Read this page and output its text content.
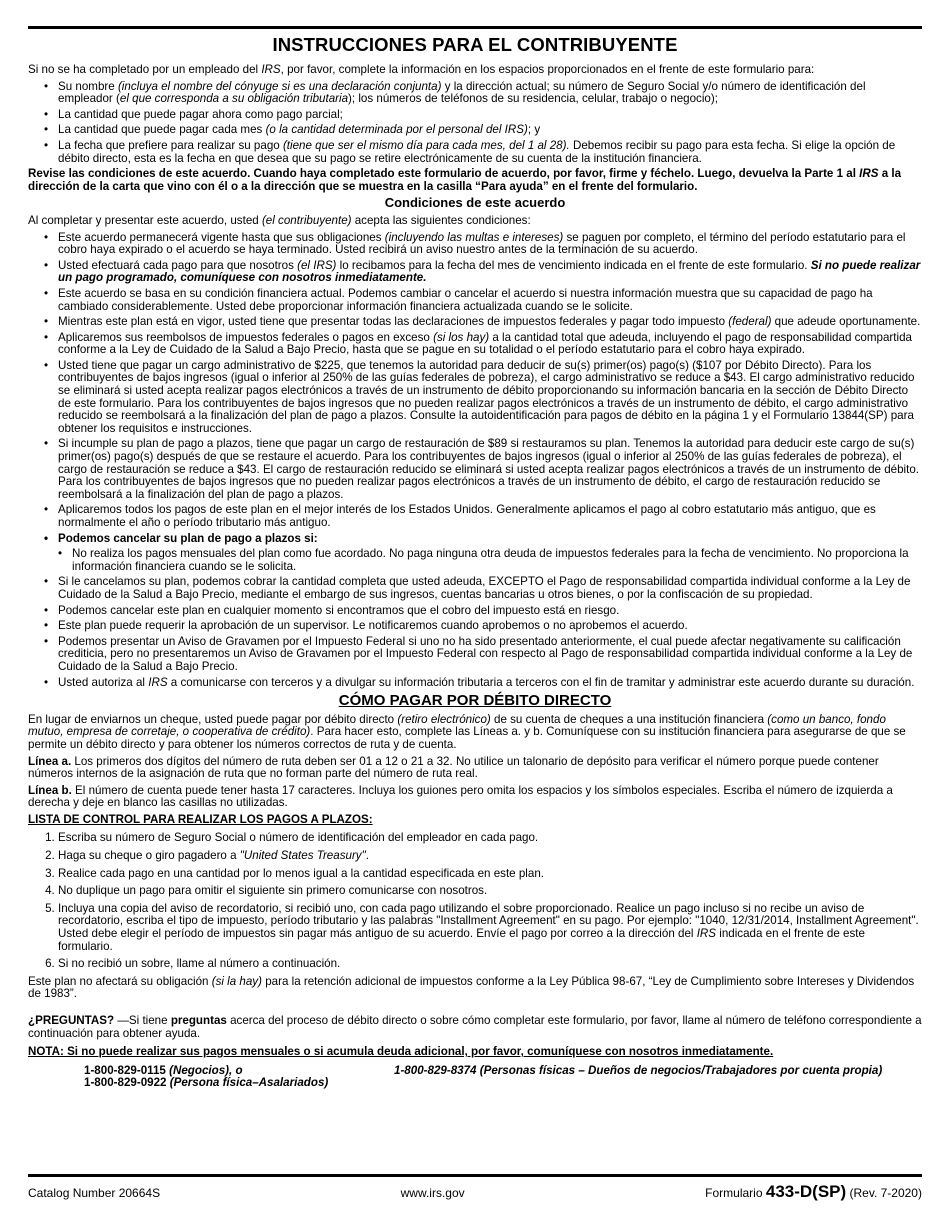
INSTRUCCIONES PARA EL CONTRIBUYENTE

Si no se ha completado por un empleado del IRS, por favor, complete la información en los espacios proporcionados en el frente de este formulario para:

• Su nombre (incluya el nombre del cónyuge si es una declaración conjunta) y la dirección actual; su número de Seguro Social y/o número de identificación del empleador (el que corresponda a su obligación tributaria); los números de teléfonos de su residencia, celular, trabajo o negocio);
• La cantidad que puede pagar ahora como pago parcial;
• La cantidad que puede pagar cada mes (o la cantidad determinada por el personal del IRS); y
• La fecha que prefiere para realizar su pago (tiene que ser el mismo día para cada mes, del 1 al 28). Debemos recibir su pago para esta fecha. Si elige la opción de débito directo, esta es la fecha en que desea que su pago se retire electrónicamente de su cuenta de la institución financiera.

Revise las condiciones de este acuerdo. Cuando haya completado este formulario de acuerdo, por favor, firme y féchelo. Luego, devuelva la Parte 1 al IRS a la dirección de la carta que vino con él o a la dirección que se muestra en la casilla “Para ayuda” en el frente del formulario.

Condiciones de este acuerdo

Al completar y presentar este acuerdo, usted (el contribuyente) acepta las siguientes condiciones:

• Este acuerdo permanecerá vigente hasta que sus obligaciones (incluyendo las multas e intereses) se paguen por completo, el término del período estatutario para el cobro haya expirado o el acuerdo se haya terminado. Usted recibirá un aviso nuestro antes de la terminación de su acuerdo.
• Usted efectuará cada pago para que nosotros (el IRS) lo recibamos para la fecha del mes de vencimiento indicada en el frente de este formulario. Si no puede realizar un pago programado, comuníquese con nosotros inmediatamente.
• Este acuerdo se basa en su condición financiera actual. Podemos cambiar o cancelar el acuerdo si nuestra información muestra que su capacidad de pago ha cambiado considerablemente. Usted debe proporcionar información financiera actualizada cuando se le solicite.
• Mientras este plan está en vigor, usted tiene que presentar todas las declaraciones de impuestos federales y pagar todo impuesto (federal) que adeude oportunamente.
• Aplicaremos sus reembolsos de impuestos federales o pagos en exceso (si los hay) a la cantidad total que adeuda, incluyendo el pago de responsabilidad compartida conforme a la Ley de Cuidado de la Salud a Bajo Precio, hasta que se pague en su totalidad o el período estatutario para el cobro haya expirado.
• Usted tiene que pagar un cargo administrativo de $225, que tenemos la autoridad para deducir de su(s) primer(os) pago(s) ($107 por Débito Directo). Para los contribuyentes de bajos ingresos (igual o inferior al 250% de las guías federales de pobreza), el cargo administrativo se reduce a $43. El cargo administrativo reducido se eliminará si usted acepta realizar pagos electrónicos a través de un instrumento de débito proporcionando su información bancaria en la sección de Débito Directo de este formulario. Para los contribuyentes de bajos ingresos que no pueden realizar pagos electrónicos a través de un instrumento de débito, el cargo administrativo reducido se reembolsará a la finalización del plan de pago a plazos. Consulte la autoidentificación para pagos de débito en la página 1 y el Formulario 13844(SP) para obtener los requisitos e instrucciones.
• Si incumple su plan de pago a plazos, tiene que pagar un cargo de restauración de $89 si restauramos su plan. Tenemos la autoridad para deducir este cargo de su(s) primer(os) pago(s) después de que se restaure el acuerdo. Para los contribuyentes de bajos ingresos (igual o inferior al 250% de las guías federales de pobreza), el cargo de restauración se reduce a $43. El cargo de restauración reducido se eliminará si usted acepta realizar pagos electrónicos a través de un instrumento de débito. Para los contribuyentes de bajos ingresos que no pueden realizar pagos electrónicos a través de un instrumento de débito, el cargo de restauración reducido se reembolsará a la finalización del plan de pago a plazos.
• Aplicaremos todos los pagos de este plan en el mejor interés de los Estados Unidos. Generalmente aplicamos el pago al cobro estatutario más antiguo, que es normalmente el año o período tributario más antiguo.
• Podemos cancelar su plan de pago a plazos si:
• No realiza los pagos mensuales del plan como fue acordado. No paga ninguna otra deuda de impuestos federales para la fecha de vencimiento. No proporciona la información financiera cuando se le solicita.
• Si le cancelamos su plan, podemos cobrar la cantidad completa que usted adeuda, EXCEPTO el Pago de responsabilidad compartida individual conforme a la Ley de Cuidado de la Salud a Bajo Precio, mediante el embargo de sus ingresos, cuentas bancarias u otros bienes, o por la confiscación de su propiedad.
• Podemos cancelar este plan en cualquier momento si encontramos que el cobro del impuesto está en riesgo.
• Este plan puede requerir la aprobación de un supervisor. Le notificaremos cuando aprobemos o no aprobemos el acuerdo.
• Podemos presentar un Aviso de Gravamen por el Impuesto Federal si uno no ha sido presentado anteriormente, el cual puede afectar negativamente su calificación crediticia, pero no presentaremos un Aviso de Gravamen por el Impuesto Federal con respecto al Pago de responsabilidad compartida individual conforme a la Ley de Cuidado de la Salud a Bajo Precio.
• Usted autoriza al IRS a comunicarse con terceros y a divulgar su información tributaria a terceros con el fin de tramitar y administrar este acuerdo durante su duración.
CÓMO PAGAR POR DÉBITO DIRECTO

En lugar de enviarnos un cheque, usted puede pagar por débito directo (retiro electrónico) de su cuenta de cheques a una institución financiera (como un banco, fondo mutuo, empresa de corretaje, o cooperativa de crédito). Para hacer esto, complete las Líneas a. y b. Comuníquese con su institución financiera para asegurarse de que se permite un débito directo y para obtener los números correctos de ruta y de cuenta.

Línea a. Los primeros dos dígitos del número de ruta deben ser 01 a 12 o 21 a 32. No utilice un talonario de depósito para verificar el número porque puede contener números internos de la asignación de ruta que no forman parte del número de ruta real.

Línea b. El número de cuenta puede tener hasta 17 caracteres. Incluya los guiones pero omita los espacios y los símbolos especiales. Escriba el número de izquierda a derecha y deje en blanco las casillas no utilizadas.

LISTA DE CONTROL PARA REALIZAR LOS PAGOS A PLAZOS:
1. Escriba su número de Seguro Social o número de identificación del empleador en cada pago.
2. Haga su cheque o giro pagadero a "United States Treasury".
3. Realice cada pago en una cantidad por lo menos igual a la cantidad especificada en este plan.
4. No duplique un pago para omitir el siguiente sin primero comunicarse con nosotros.
5. Incluya una copia del aviso de recordatorio, si recibió uno, con cada pago utilizando el sobre proporcionado. Realice un pago incluso si no recibe un aviso de recordatorio, escriba el tipo de impuesto, período tributario y las palabras "Installment Agreement" en su pago. Por ejemplo: "1040, 12/31/2014, Installment Agreement". Usted debe elegir el período de impuestos sin pagar más antiguo de su acuerdo. Envíe el pago por correo a la dirección del IRS indicada en el frente de este formulario.
6. Si no recibió un sobre, llame al número a continuación.

Este plan no afectará su obligación (si la hay) para la retención adicional de impuestos conforme a la Ley Pública 98-67, “Ley de Cumplimiento sobre Intereses y Dividendos de 1983”.

¿PREGUNTAS? —Si tiene preguntas acerca del proceso de débito directo o sobre cómo completar este formulario, por favor, llame al número de teléfono correspondiente a continuación para obtener ayuda.

NOTA: Si no puede realizar sus pagos mensuales o si acumula deuda adicional, por favor, comuníquese con nosotros inmediatamente.

1-800-829-0115 (Negocios), o
1-800-829-0922 (Persona física–Asalariados)
1-800-829-8374 (Personas físicas – Dueños de negocios/Trabajadores por cuenta propia)
Catalog Number 20664S	www.irs.gov	Formulario 433-D(SP) (Rev. 7-2020)
